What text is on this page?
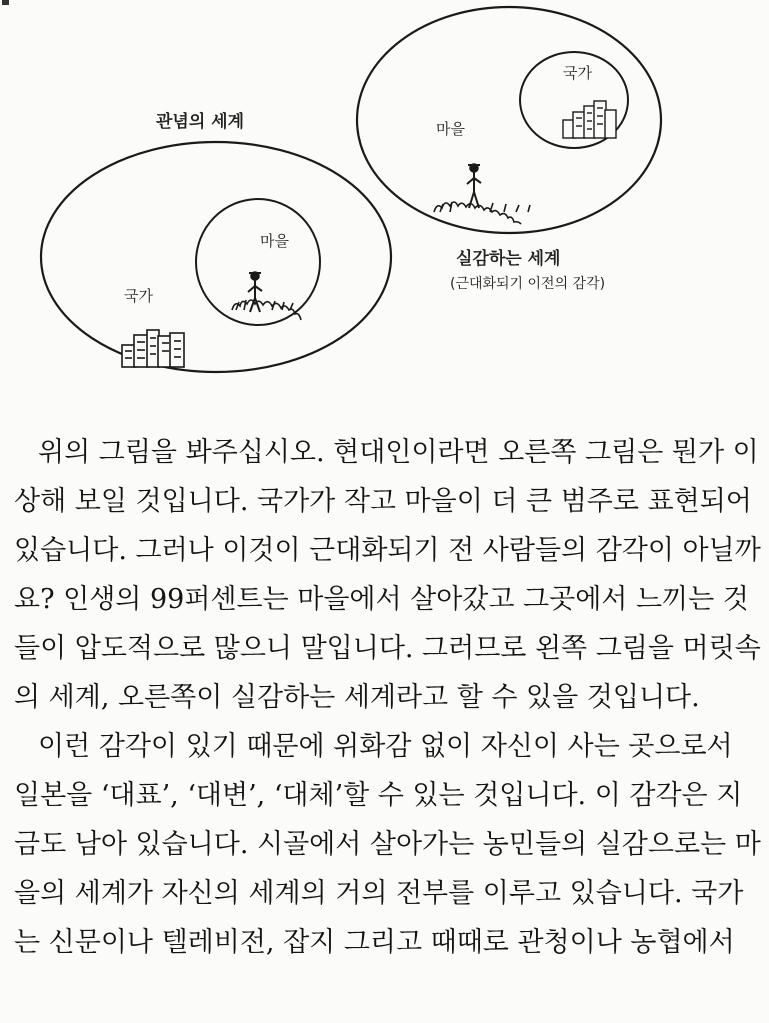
관념의 세계
국가
마을
실감하는 세계
(근대화되기 이전의 감각)
마을
국가
위의 그림을 봐주십시오. 현대인이라면 오른쪽 그림은 뭔가 이
상해 보일 것입니다. 국가가 작고 마을이 더 큰 범주로 표현되어
있습니다. 그러나 이것이 근대화되기 전 사람들의 감각이 아닐까
요? 인생의 99퍼센트는 마을에서 살아갔고 그곳에서 느끼는 것
들이 압도적으로 많으니 말입니다. 그러므로 왼쪽 그림을 머릿속
의 세계, 오른쪽이 실감하는 세계라고 할 수 있을 것입니다.
이런 감각이 있기 때문에 위화감 없이 자신이 사는 곳으로서
일본을 ‘대표’, ‘대변’, ‘대체’할 수 있는 것입니다. 이 감각은 지
금도 남아 있습니다. 시골에서 살아가는 농민들의 실감으로는 마
을의 세계가 자신의 세계의 거의 전부를 이루고 있습니다. 국가
는 신문이나 텔레비전, 잡지 그리고 때때로 관청이나 농협에서
